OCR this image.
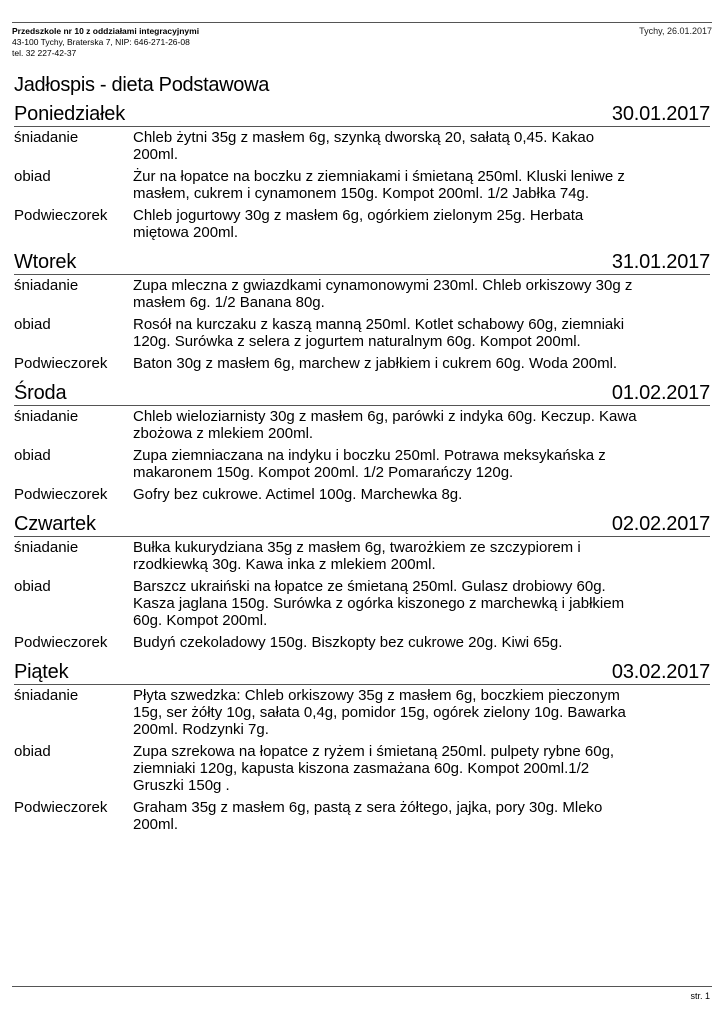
Przedszkole nr 10 z oddziałami integracyjnymi	Tychy, 26.01.2017
43-100 Tychy, Braterska 7, NIP: 646-271-26-08
tel. 32 227-42-37
Jadłospis - dieta Podstawowa
Poniedziałek	30.01.2017
śniadanie	Chleb żytni 35g z masłem 6g, szynką dworską 20, sałatą 0,45. Kakao
200ml.
obiad	Żur na łopatce na boczku z ziemniakami i śmietaną 250ml. Kluski leniwe z
masłem, cukrem i cynamonem 150g. Kompot 200ml. 1/2 Jabłka 74g.
Podwieczorek	Chleb jogurtowy 30g z masłem 6g, ogórkiem zielonym 25g. Herbata
miętowa 200ml.
Wtorek	31.01.2017
śniadanie	Zupa mleczna z gwiazdkami cynamonowymi 230ml. Chleb orkiszowy 30g z
masłem 6g. 1/2 Banana 80g.
obiad	Rosół na kurczaku z kaszą manną 250ml. Kotlet schabowy 60g, ziemniaki
120g. Surówka z selera z jogurtem naturalnym 60g. Kompot 200ml.
Podwieczorek	Baton 30g z masłem 6g, marchew z jabłkiem i cukrem 60g. Woda 200ml.
Środa	01.02.2017
śniadanie	Chleb wieloziarnisty 30g z masłem 6g, parówki z indyka 60g. Keczup. Kawa
zbożowa z mlekiem 200ml.
obiad	Zupa ziemniaczana na indyku i boczku 250ml. Potrawa meksykańska z
makaronem 150g. Kompot 200ml. 1/2 Pomarańczy 120g.
Podwieczorek	Gofry bez cukrowe. Actimel 100g. Marchewka 8g.
Czwartek	02.02.2017
śniadanie	Bułka kukurydziana 35g z masłem 6g, twarożkiem ze szczypiorem i
rzodkiewką 30g. Kawa inka z mlekiem 200ml.
obiad	Barszcz ukraiński na łopatce ze śmietaną 250ml. Gulasz drobiowy 60g.
Kasza jaglana 150g. Surówka z ogórka kiszonego z marchewką i jabłkiem
60g. Kompot 200ml.
Podwieczorek	Budyń czekoladowy 150g. Biszkopty bez cukrowe 20g. Kiwi 65g.
Piątek	03.02.2017
śniadanie	Płyta szwedzka: Chleb orkiszowy 35g z masłem 6g, boczkiem pieczonym
15g, ser żółty 10g, sałata 0,4g, pomidor 15g, ogórek zielony 10g. Bawarka
200ml. Rodzynki 7g.
obiad	Zupa szrekowa na łopatce z ryżem i śmietaną 250ml. pulpety rybne 60g,
ziemniaki 120g, kapusta kiszona zasmażana 60g. Kompot 200ml.1/2
Gruszki 150g .
Podwieczorek	Graham 35g z masłem 6g, pastą z sera żółtego, jajka, pory 30g. Mleko
200ml.
str. 1
